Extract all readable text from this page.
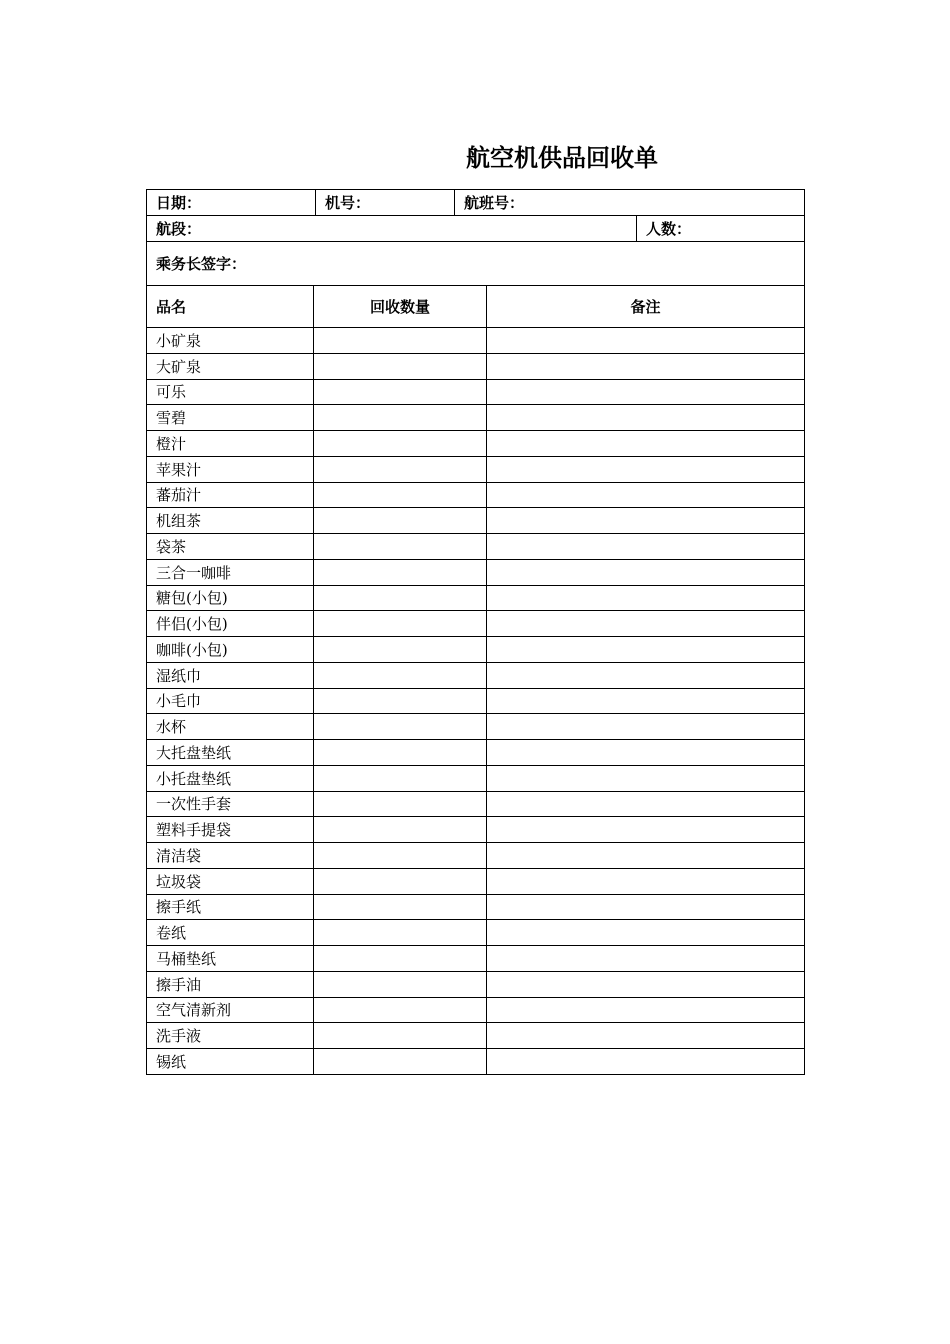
航空机供品回收单
日期：		机号：	航班号：		
航段：					人数：
乘务长签字：					
品名	回收数量			备注	
小矿泉					
大矿泉					
可乐					
雪碧					
橙汁					
苹果汁					
蕃茄汁					
机组茶					
袋茶					
三合一咖啡					
糖包(小包)					
伴侣(小包)					
咖啡(小包)					
湿纸巾					
小毛巾					
水杯					
大托盘垫纸					
小托盘垫纸					
一次性手套					
塑料手提袋					
清洁袋					
垃圾袋					
擦手纸					
卷纸					
马桶垫纸					
擦手油					
空气清新剂					
洗手液					
锡纸					
